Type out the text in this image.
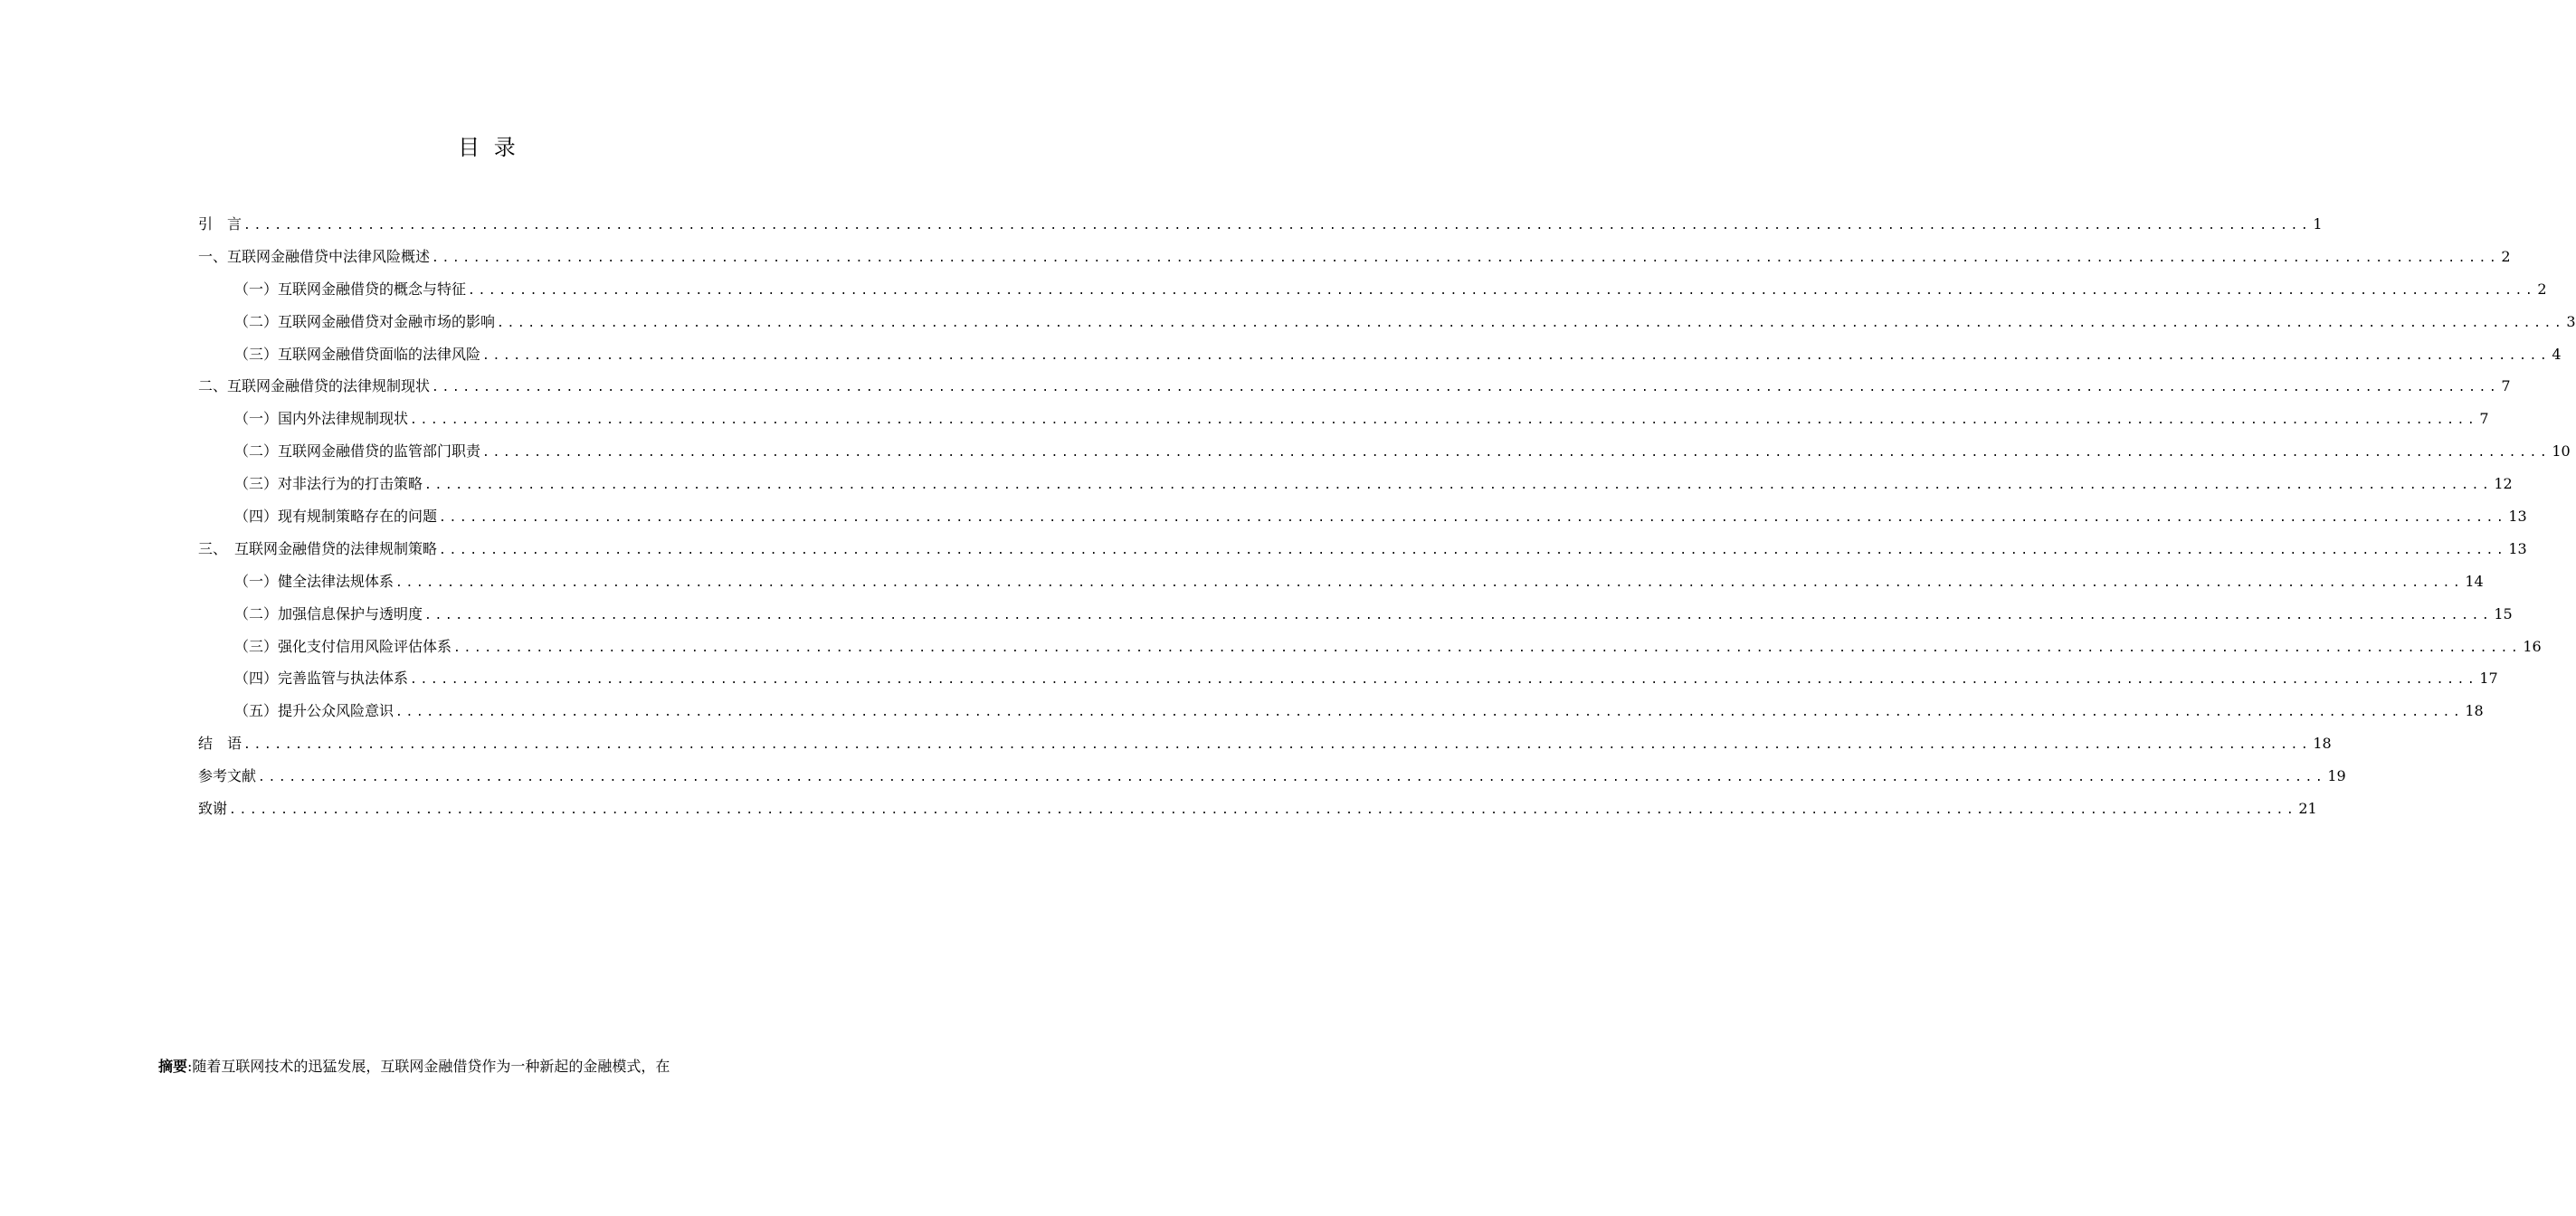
目 录
引　言 ........................................................................................................................................................................................................ 1
一、互联网金融借贷中法律风险概述 ........................................................................................................................................................................................................ 2
（一）互联网金融借贷的概念与特征 ........................................................................................................................................................................................................ 2
（二）互联网金融借贷对金融市场的影响 ........................................................................................................................................................................................................ 3
（三）互联网金融借贷面临的法律风险 ........................................................................................................................................................................................................ 4
二、互联网金融借贷的法律规制现状 ........................................................................................................................................................................................................ 7
（一）国内外法律规制现状 ........................................................................................................................................................................................................ 7
（二）互联网金融借贷的监管部门职责 ........................................................................................................................................................................................................ 10
（三）对非法行为的打击策略 ........................................................................................................................................................................................................ 12
（四）现有规制策略存在的问题 ........................................................................................................................................................................................................ 13
三、　互联网金融借贷的法律规制策略 ........................................................................................................................................................................................................ 13
（一）健全法律法规体系 ........................................................................................................................................................................................................ 14
（二）加强信息保护与透明度 ........................................................................................................................................................................................................ 15
（三）强化支付信用风险评估体系 ........................................................................................................................................................................................................ 16
（四）完善监管与执法体系 ........................................................................................................................................................................................................ 17
（五）提升公众风险意识 ........................................................................................................................................................................................................ 18
结　语 ........................................................................................................................................................................................................ 18
参考文献 ........................................................................................................................................................................................................ 19
致谢 ........................................................................................................................................................................................................ 21
摘要:随着互联网技术的迅猛发展，互联网金融借贷作为一种新起的金融模式，在
